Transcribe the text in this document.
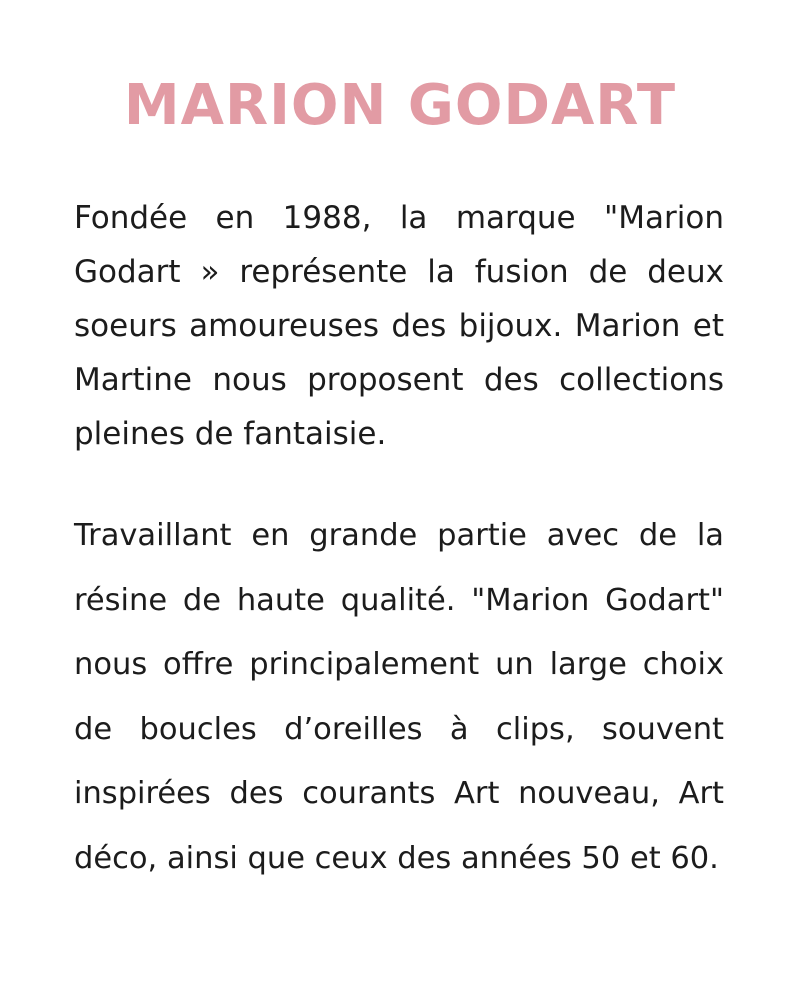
MARION GODART

Fondée en 1988, la marque "Marion Godart » représente la fusion de deux soeurs amoureuses des bijoux. Marion et Martine nous proposent des collections pleines de fantaisie.

Travaillant en grande partie avec de la résine de haute qualité. "Marion Godart" nous offre principalement un large choix de boucles d’oreilles à clips, souvent inspirées des courants Art nouveau, Art déco, ainsi que ceux des années 50 et 60.
